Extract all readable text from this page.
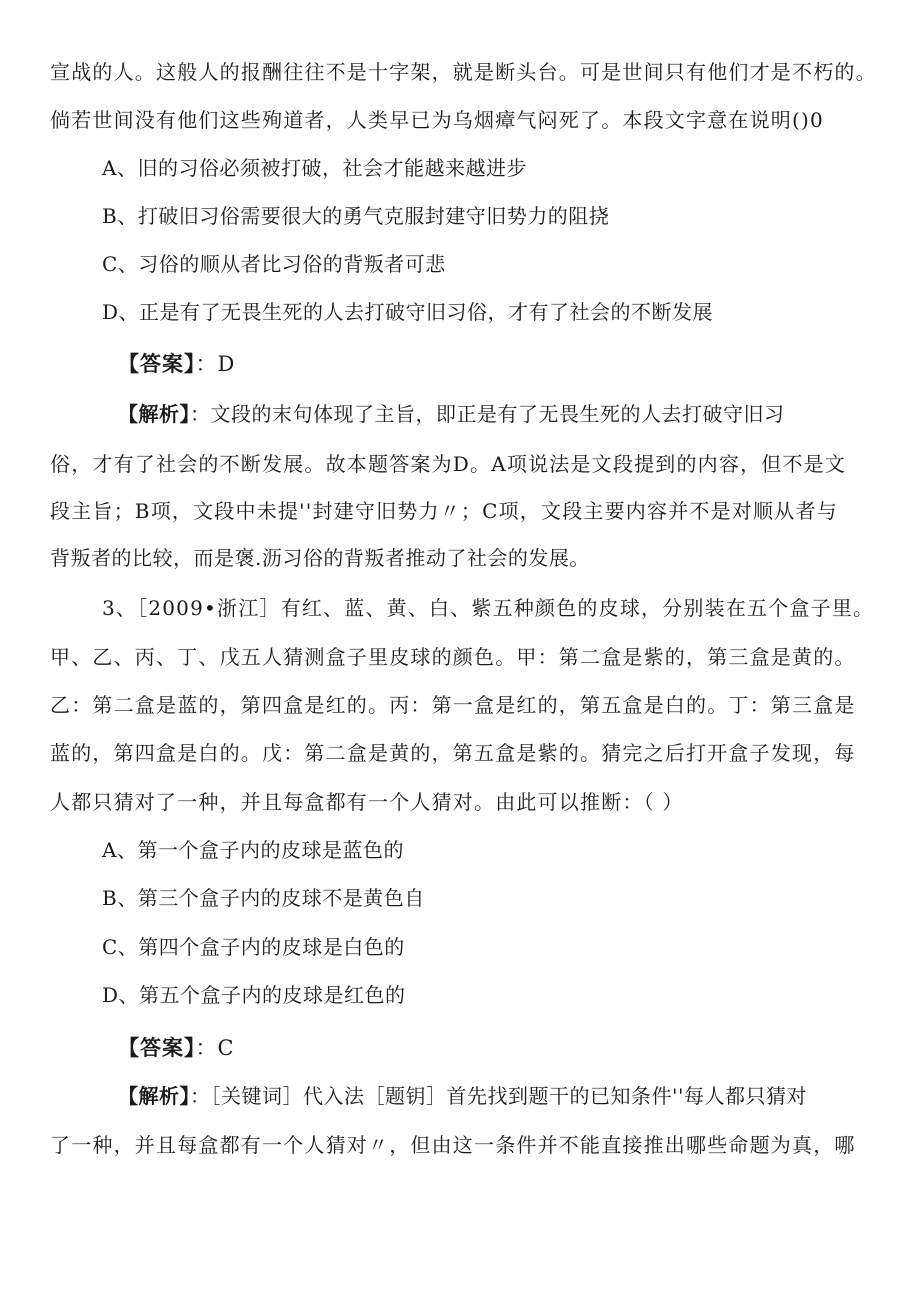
宣战的人。这般人的报酬往往不是十字架，就是断头台。可是世间只有他们才是不朽的。
倘若世间没有他们这些殉道者，人类早已为乌烟瘴气闷死了。本段文字意在说明()0
A、旧的习俗必须被打破，社会才能越来越进步
B、打破旧习俗需要很大的勇气克服封建守旧势力的阻挠
C、习俗的顺从者比习俗的背叛者可悲
D、正是有了无畏生死的人去打破守旧习俗，才有了社会的不断发展
【答案】：D
【解析】：文段的末句体现了主旨，即正是有了无畏生死的人去打破守旧习
俗，才有了社会的不断发展。故本题答案为D。A项说法是文段提到的内容，但不是文
段主旨；B项，文段中未提''封建守旧势力〃；C项，文段主要内容并不是对顺从者与
背叛者的比较，而是褒.沥习俗的背叛者推动了社会的发展。
3、［2009•浙江］有红、蓝、黄、白、紫五种颜色的皮球，分别装在五个盒子里。
甲、乙、丙、丁、戊五人猜测盒子里皮球的颜色。甲：第二盒是紫的，第三盒是黄的。
乙：第二盒是蓝的，第四盒是红的。丙：第一盒是红的，第五盒是白的。丁：第三盒是
蓝的，第四盒是白的。戊：第二盒是黄的，第五盒是紫的。猜完之后打开盒子发现，每
人都只猜对了一种，并且每盒都有一个人猜对。由此可以推断：（ ）
A、第一个盒子内的皮球是蓝色的
B、第三个盒子内的皮球不是黄色自
C、第四个盒子内的皮球是白色的
D、第五个盒子内的皮球是红色的
【答案】：C
【解析】：［关键词］代入法［题钥］首先找到题干的已知条件''每人都只猜对
了一种，并且每盒都有一个人猜对〃，但由这一条件并不能直接推出哪些命题为真，哪
